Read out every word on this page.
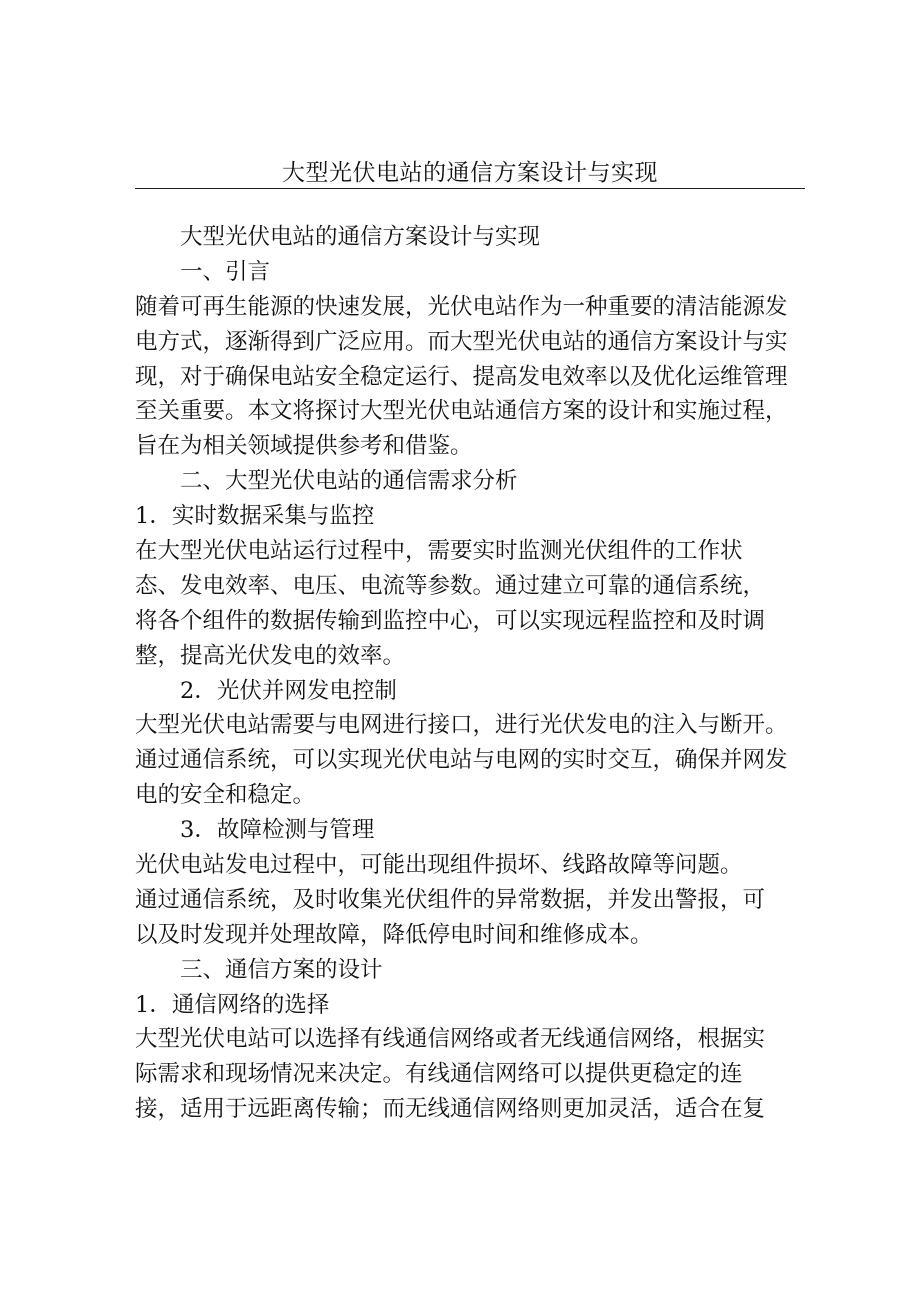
大型光伏电站的通信方案设计与实现
大型光伏电站的通信方案设计与实现
一、引言
随着可再生能源的快速发展，光伏电站作为一种重要的清洁能源发
电方式，逐渐得到广泛应用。而大型光伏电站的通信方案设计与实
现，对于确保电站安全稳定运行、提高发电效率以及优化运维管理
至关重要。本文将探讨大型光伏电站通信方案的设计和实施过程，
旨在为相关领域提供参考和借鉴。
二、大型光伏电站的通信需求分析
1．实时数据采集与监控
在大型光伏电站运行过程中，需要实时监测光伏组件的工作状
态、发电效率、电压、电流等参数。通过建立可靠的通信系统，
将各个组件的数据传输到监控中心，可以实现远程监控和及时调
整，提高光伏发电的效率。
2．光伏并网发电控制
大型光伏电站需要与电网进行接口，进行光伏发电的注入与断开。
通过通信系统，可以实现光伏电站与电网的实时交互，确保并网发
电的安全和稳定。
3．故障检测与管理
光伏电站发电过程中，可能出现组件损坏、线路故障等问题。
通过通信系统，及时收集光伏组件的异常数据，并发出警报，可
以及时发现并处理故障，降低停电时间和维修成本。
三、通信方案的设计
1．通信网络的选择
大型光伏电站可以选择有线通信网络或者无线通信网络，根据实
际需求和现场情况来决定。有线通信网络可以提供更稳定的连
接，适用于远距离传输；而无线通信网络则更加灵活，适合在复
